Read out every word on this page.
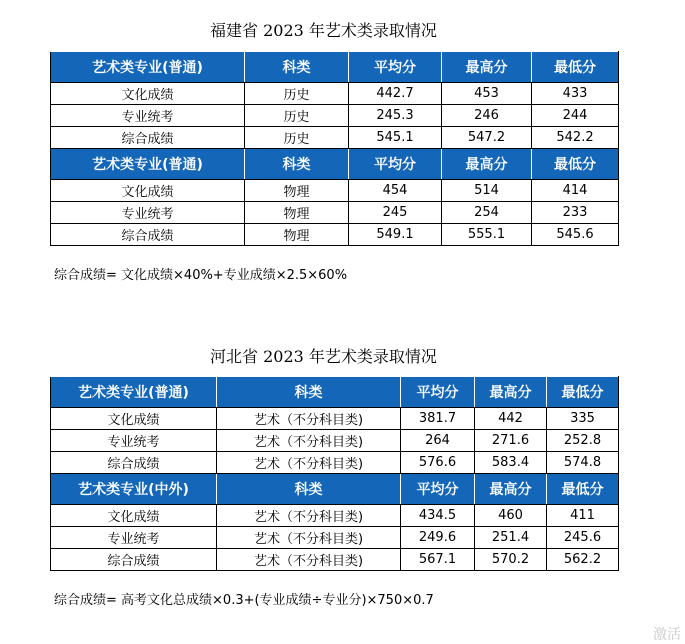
福建省 2023 年艺术类录取情况
艺术类专业(普通)	科类	平均分	最高分	最低分
文化成绩	历史	442.7	453	433
专业统考	历史	245.3	246	244
综合成绩	历史	545.1	547.2	542.2
艺术类专业(普通)	科类	平均分	最高分	最低分
文化成绩	物理	454	514	414
专业统考	物理	245	254	233
综合成绩	物理	549.1	555.1	545.6
综合成绩= 文化成绩×40%+专业成绩×2.5×60%
河北省 2023 年艺术类录取情况
艺术类专业(普通)	科类	平均分	最高分	最低分
文化成绩	艺术（不分科目类)	381.7	442	335
专业统考	艺术（不分科目类)	264	271.6	252.8
综合成绩	艺术（不分科目类)	576.6	583.4	574.8
艺术类专业(中外)	科类	平均分	最高分	最低分
文化成绩	艺术（不分科目类)	434.5	460	411
专业统考	艺术（不分科目类)	249.6	251.4	245.6
综合成绩	艺术（不分科目类)	567.1	570.2	562.2
综合成绩= 高考文化总成绩×0.3+(专业成绩÷专业分)×750×0.7
激活
